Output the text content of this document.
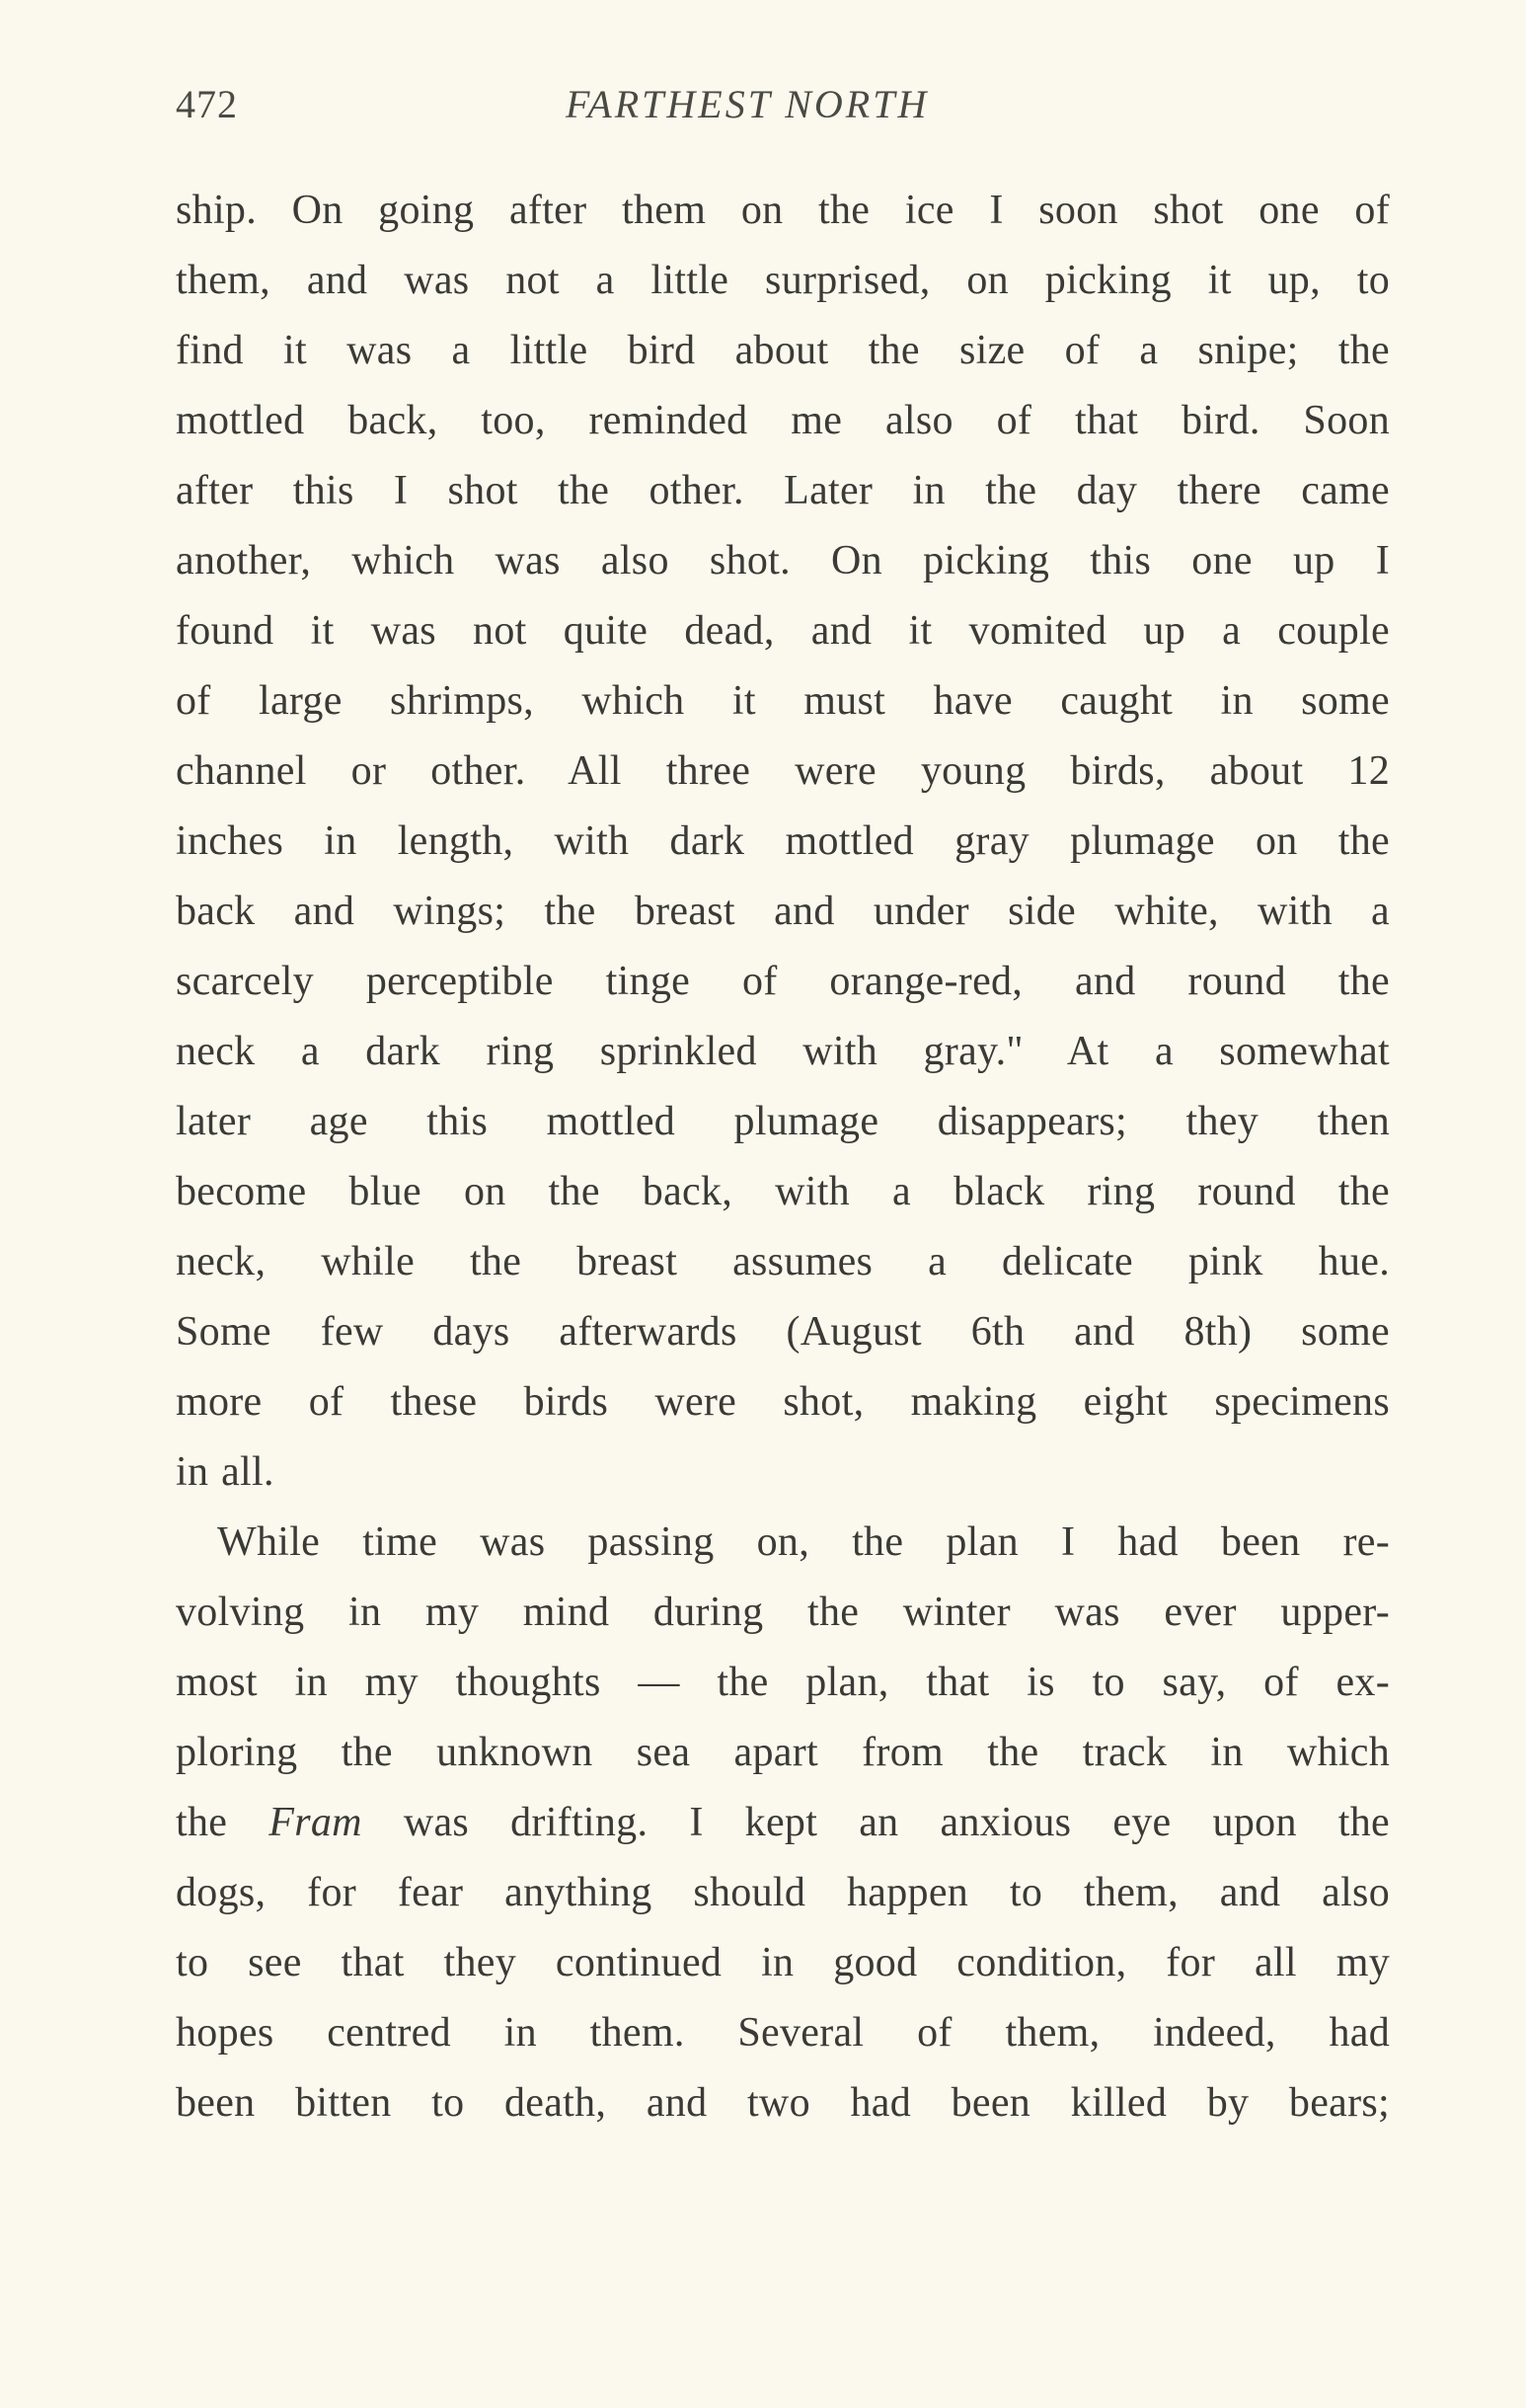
472	FARTHEST NORTH
ship. On going after them on the ice I soon shot one of
them, and was not a little surprised, on picking it up, to
find it was a little bird about the size of a snipe; the
mottled back, too, reminded me also of that bird. Soon
after this I shot the other. Later in the day there came
another, which was also shot. On picking this one up I
found it was not quite dead, and it vomited up a couple
of large shrimps, which it must have caught in some
channel or other. All three were young birds, about 12
inches in length, with dark mottled gray plumage on the
back and wings; the breast and under side white, with a
scarcely perceptible tinge of orange-red, and round the
neck a dark ring sprinkled with gray." At a somewhat
later age this mottled plumage disappears; they then
become blue on the back, with a black ring round the
neck, while the breast assumes a delicate pink hue.
Some few days afterwards (August 6th and 8th) some
more of these birds were shot, making eight specimens
in all.
While time was passing on, the plan I had been re-
volving in my mind during the winter was ever upper-
most in my thoughts — the plan, that is to say, of ex-
ploring the unknown sea apart from the track in which
the Fram was drifting. I kept an anxious eye upon the
dogs, for fear anything should happen to them, and also
to see that they continued in good condition, for all my
hopes centred in them. Several of them, indeed, had
been bitten to death, and two had been killed by bears;
